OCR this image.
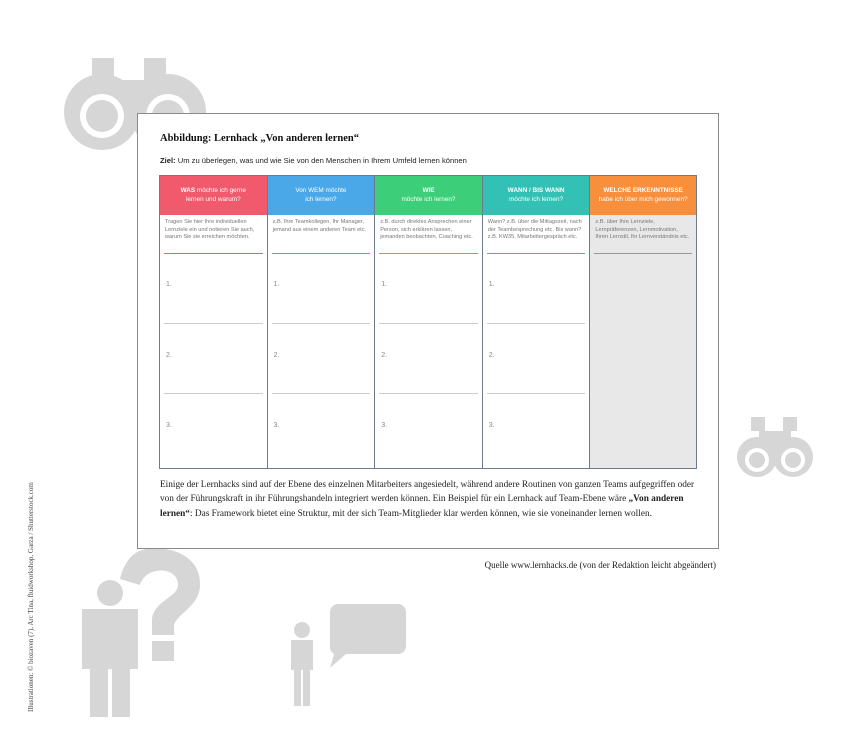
Illustrationen: © biozaven (7), Arc Tina, fluidworkshop, Garza / Shutterstock.com
Abbildung: Lernhack „Von anderen lernen“
Ziel: Um zu überlegen, was und wie Sie von den Menschen in Ihrem Umfeld lernen können
WAS möchte ich gerne
lernen und warum?
Tragen Sie hier Ihre individuellen Lernziele ein und notieren Sie auch, warum Sie sie erreichen möchten.
1.
2.
3.
Von WEM möchte
ich lernen?
z.B. Ihre Teamkollegen, Ihr Manager, jemand aus einem anderen Team etc.
1.
2.
3.
WIE
möchte ich lernen?
z.B. durch direktes Ansprechen einer Person, sich erklären lassen, jemanden beobachten, Coaching etc.
1.
2.
3.
WANN / BIS WANN
möchte ich lernen?
Wann? z.B. über die Mittagszeit, nach der Teambesprechung etc. Bis wann? z.B. KW35, Mitarbeitergespräch etc.
1.
2.
3.
WELCHE ERKENNTNISSE
habe ich über mich gewonnen?
z.B. über Ihre Lernziele, Lernpräferenzen, Lernmotivation, Ihren Lernstil, Ihr Lernverständnis etc.
Einige der Lernhacks sind auf der Ebene des einzelnen Mitarbeiters angesiedelt, während andere Routinen von ganzen Teams aufgegriffen oder von der Führungskraft in ihr Führungshandeln integriert werden können. Ein Beispiel für ein Lernhack auf Team-Ebene wäre „Von anderen lernen“: Das Framework bietet eine Struktur, mit der sich Team-Mitglieder klar werden können, wie sie voneinander lernen wollen.
Quelle www.lernhacks.de (von der Redaktion leicht abgeändert)
